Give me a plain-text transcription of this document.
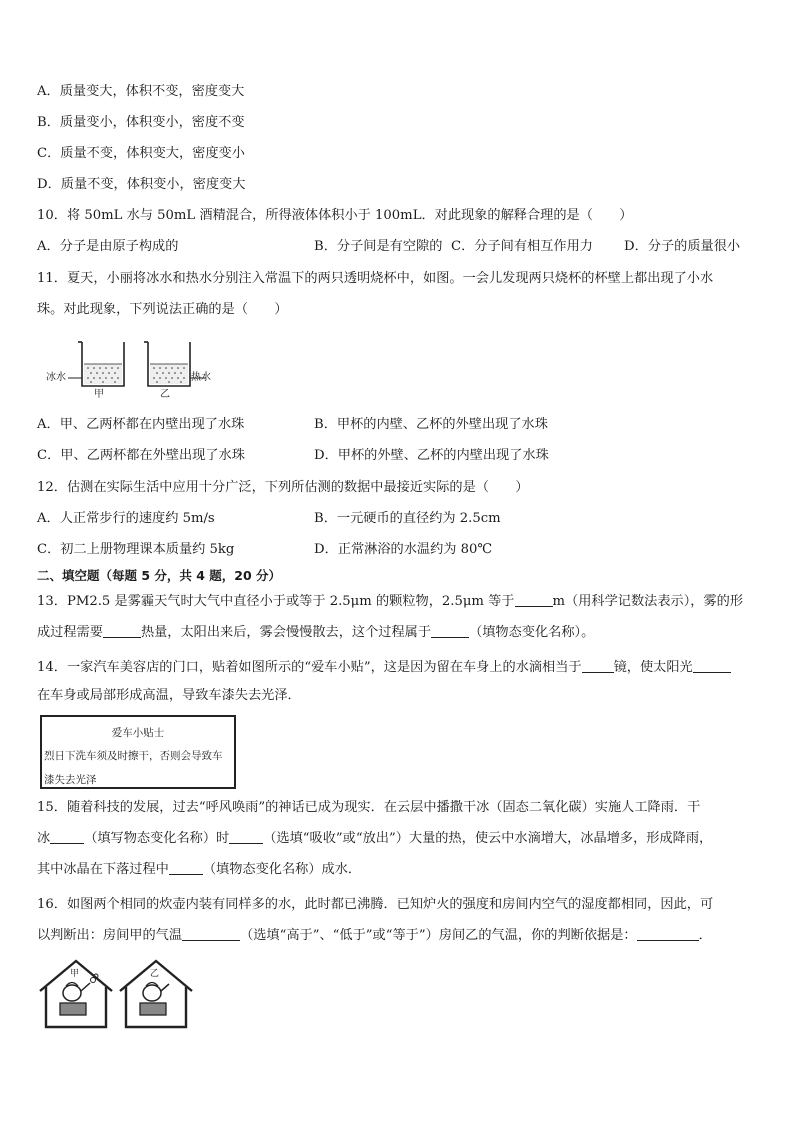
A．质量变大，体积不变，密度变大
B．质量变小，体积变小，密度不变
C．质量不变，体积变大，密度变小
D．质量不变，体积变小，密度变大
10．将 50mL 水与 50mL 酒精混合，所得液体体积小于 100mL．对此现象的解释合理的是（　　）
A．分子是由原子构成的	B．分子间是有空隙的 C．分子间有相互作用力 D．分子的质量很小
11．夏天，小丽将冰水和热水分别注入常温下的两只透明烧杯中，如图。一会儿发现两只烧杯的杯壁上都出现了小水
珠。对此现象，下列说法正确的是（　　）
冰水	热水
甲	乙
A．甲、乙两杯都在内壁出现了水珠	B．甲杯的内壁、乙杯的外壁出现了水珠
C．甲、乙两杯都在外壁出现了水珠	D．甲杯的外壁、乙杯的内壁出现了水珠
12．估测在实际生活中应用十分广泛，下列所估测的数据中最接近实际的是（　　）
A．人正常步行的速度约 5m/s	B．一元硬币的直径约为 2.5cm
C．初二上册物理课本质量约 5kg	D．正常淋浴的水温约为 80℃
二、填空题（每题 5 分，共 4 题，20 分）
13．PM2.5 是雾霾天气时大气中直径小于或等于 2.5μm 的颗粒物，2.5μm 等于	m（用科学记数法表示），雾的形
成过程需要	热量，太阳出来后，雾会慢慢散去，这个过程属于	（填物态变化名称）。
14．一家汽车美容店的门口，贴着如图所示的“爱车小贴”，这是因为留在车身上的水滴相当于 镜，使太阳光
在车身或局部形成高温，导致车漆失去光泽．
爱车小贴士
烈日下洗车须及时擦干，否则会导致车
漆失去光泽
15．随着科技的发展，过去“呼风唤雨”的神话已成为现实．在云层中播撒干冰（固态二氧化碳）实施人工降雨．干
冰	（填写物态变化名称）时	（选填“吸收”或“放出”）大量的热，使云中水滴增大，冰晶增多，形成降雨，
其中冰晶在下落过程中	（填物态变化名称）成水．
16．如图两个相同的炊壶内装有同样多的水，此时都已沸腾．已知炉火的强度和房间内空气的湿度都相同，因此，可
以判断出：房间甲的气温	（选填“高于”、“低于”或“等于”）房间乙的气温，你的判断依据是：	．
甲	乙
